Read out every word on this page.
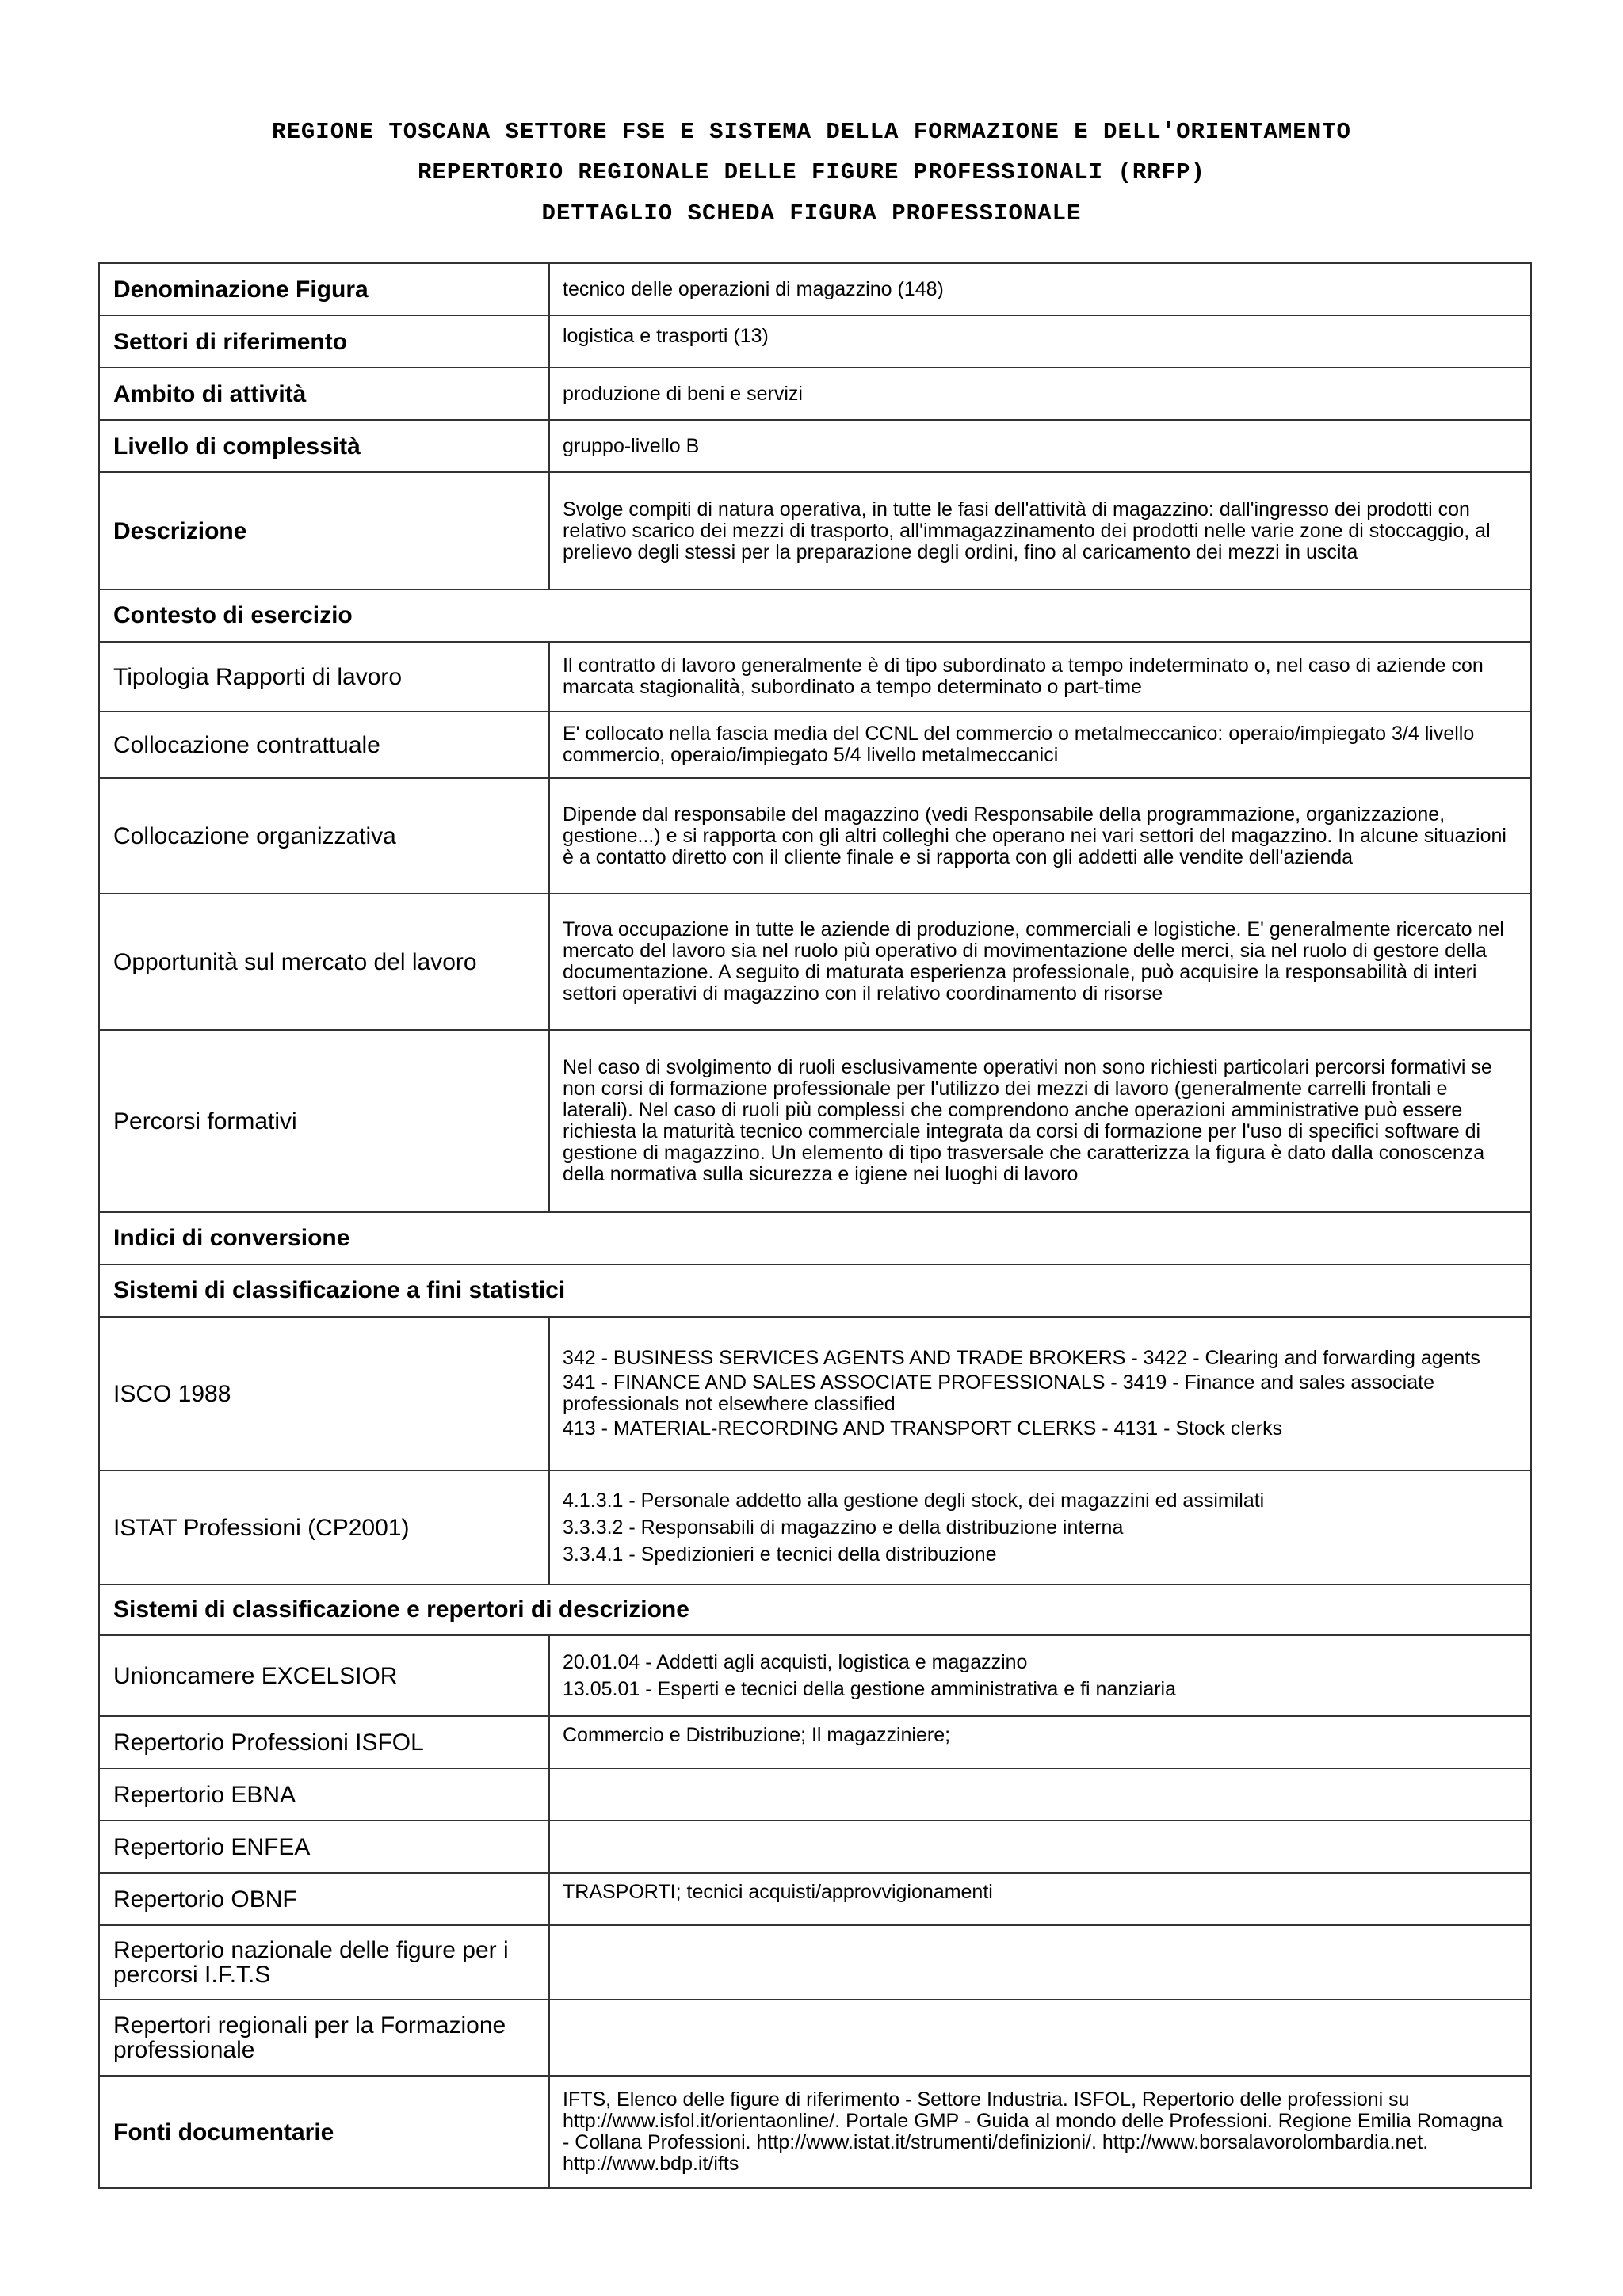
REGIONE TOSCANA SETTORE FSE E SISTEMA DELLA FORMAZIONE E DELL'ORIENTAMENTO
REPERTORIO REGIONALE DELLE FIGURE PROFESSIONALI (RRFP)
DETTAGLIO SCHEDA FIGURA PROFESSIONALE
Denominazione Figura	tecnico delle operazioni di magazzino (148)
Settori di riferimento	logistica e trasporti (13)
Ambito di attività	produzione di beni e servizi
Livello di complessità	gruppo-livello B
Descrizione	Svolge compiti di natura operativa, in tutte le fasi dell'attività di magazzino: dall'ingresso dei prodotti con relativo scarico dei mezzi di trasporto, all'immagazzinamento dei prodotti nelle varie zone di stoccaggio, al prelievo degli stessi per la preparazione degli ordini, fino al caricamento dei mezzi in uscita
Contesto di esercizio	
Tipologia Rapporti di lavoro	Il contratto di lavoro generalmente è di tipo subordinato a tempo indeterminato o, nel caso di aziende con marcata stagionalità, subordinato a tempo determinato o part-time
Collocazione contrattuale	E' collocato nella fascia media del CCNL del commercio o metalmeccanico: operaio/impiegato 3/4 livello commercio, operaio/impiegato 5/4 livello metalmeccanici
Collocazione organizzativa	Dipende dal responsabile del magazzino (vedi Responsabile della programmazione, organizzazione, gestione...) e si rapporta con gli altri colleghi che operano nei vari settori del magazzino. In alcune situazioni è a contatto diretto con il cliente finale e si rapporta con gli addetti alle vendite dell'azienda
Opportunità sul mercato del lavoro	Trova occupazione in tutte le aziende di produzione, commerciali e logistiche. E' generalmente ricercato nel mercato del lavoro sia nel ruolo più operativo di movimentazione delle merci, sia nel ruolo di gestore della documentazione. A seguito di maturata esperienza professionale, può acquisire la responsabilità di interi settori operativi di magazzino con il relativo coordinamento di risorse
Percorsi formativi	Nel caso di svolgimento di ruoli esclusivamente operativi non sono richiesti particolari percorsi formativi se non corsi di formazione professionale per l'utilizzo dei mezzi di lavoro (generalmente carrelli frontali e laterali). Nel caso di ruoli più complessi che comprendono anche operazioni amministrative può essere richiesta la maturità tecnico commerciale integrata da corsi di formazione per l'uso di specifici software di gestione di magazzino. Un elemento di tipo trasversale che caratterizza la figura è dato dalla conoscenza della normativa sulla sicurezza e igiene nei luoghi di lavoro
Indici di conversione	
Sistemi di classificazione a fini statistici	
ISCO 1988	342 - BUSINESS SERVICES AGENTS AND TRADE BROKERS - 3422 - Clearing and forwarding agents
341 - FINANCE AND SALES ASSOCIATE PROFESSIONALS - 3419 - Finance and sales associate professionals not elsewhere classified
413 - MATERIAL-RECORDING AND TRANSPORT CLERKS - 4131 - Stock clerks

ISTAT Professioni (CP2001)	4.1.3.1 - Personale addetto alla gestione degli stock, dei magazzini ed assimilati
3.3.3.2 - Responsabili di magazzino e della distribuzione interna
3.3.4.1 - Spedizionieri e tecnici della distribuzione

Sistemi di classificazione e repertori di descrizione	
Unioncamere EXCELSIOR	20.01.04 - Addetti agli acquisti, logistica e magazzino
13.05.01 - Esperti e tecnici della gestione amministrativa e fi nanziaria

Repertorio Professioni ISFOL	Commercio e Distribuzione; Il magazziniere;
Repertorio EBNA	
Repertorio ENFEA	
Repertorio OBNF	TRASPORTI; tecnici acquisti/approvvigionamenti
Repertorio nazionale delle figure per i percorsi I.F.T.S	
Repertori regionali per la Formazione professionale	
Fonti documentarie	IFTS, Elenco delle figure di riferimento - Settore Industria. ISFOL, Repertorio delle professioni su http://www.isfol.it/orientaonline/. Portale GMP - Guida al mondo delle Professioni. Regione Emilia Romagna - Collana Professioni. http://www.istat.it/strumenti/definizioni/. http://www.borsalavorolombardia.net. http://www.bdp.it/ifts
